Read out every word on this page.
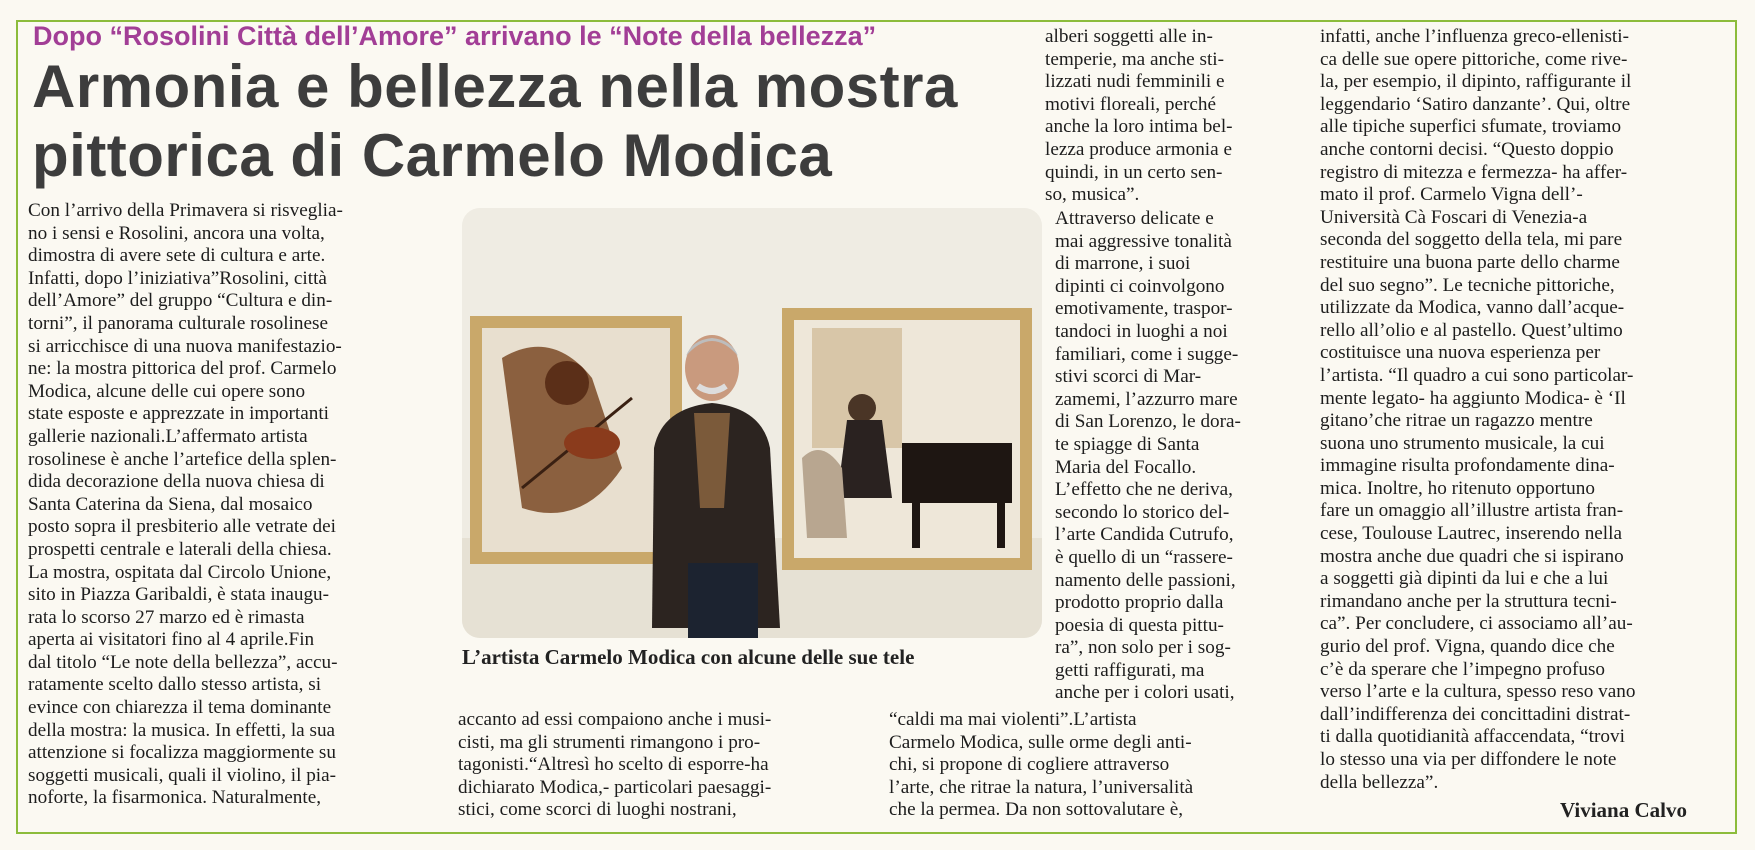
Dopo “Rosolini Città dell’Amore” arrivano le “Note della bellezza”
Armonia e bellezza nella mostra
pittorica di Carmelo Modica
Con l’arrivo della Primavera si risveglia-
no i sensi e Rosolini, ancora una volta,
dimostra di avere sete di cultura e arte.
Infatti, dopo l’iniziativa”Rosolini, città
dell’Amore” del gruppo “Cultura e din-
torni”, il panorama culturale rosolinese
si arricchisce di una nuova manifestazio-
ne: la mostra pittorica del prof. Carmelo
Modica, alcune delle cui opere sono
state esposte e apprezzate in importanti
gallerie nazionali.L’affermato artista
rosolinese è anche l’artefice della splen-
dida decorazione della nuova chiesa di
Santa Caterina da Siena, dal mosaico
posto sopra il presbiterio alle vetrate dei
prospetti centrale e laterali della chiesa.
La mostra, ospitata dal Circolo Unione,
sito in Piazza Garibaldi, è stata inaugu-
rata lo scorso 27 marzo ed è rimasta
aperta ai visitatori fino al 4 aprile.Fin
dal titolo “Le note della bellezza”, accu-
ratamente scelto dallo stesso artista, si
evince con chiarezza il tema dominante
della mostra: la musica. In effetti, la sua
attenzione si focalizza maggiormente su
soggetti musicali, quali il violino, il pia-
noforte, la fisarmonica. Naturalmente,
L’artista Carmelo Modica con alcune delle sue tele
accanto ad essi compaiono anche i musi-
cisti, ma gli strumenti rimangono i pro-
tagonisti.“Altresì ho scelto di esporre-ha
dichiarato Modica,- particolari paesaggi-
stici, come scorci di luoghi nostrani,
“caldi ma mai violenti”.L’artista
Carmelo Modica, sulle orme degli anti-
chi, si propone di cogliere attraverso
l’arte, che ritrae la natura, l’universalità
che la permea. Da non sottovalutare è,
alberi soggetti alle in-
temperie, ma anche sti-
lizzati nudi femminili e
motivi floreali, perché
anche la loro intima bel-
lezza produce armonia e
quindi, in un certo sen-
so, musica”.
Attraverso delicate e
mai aggressive tonalità
di marrone, i suoi
dipinti ci coinvolgono
emotivamente, traspor-
tandoci in luoghi a noi
familiari, come i sugge-
stivi scorci di Mar-
zamemi, l’azzurro mare
di San Lorenzo, le dora-
te spiagge di Santa
Maria del Focallo.
L’effetto che ne deriva,
secondo lo storico del-
l’arte Candida Cutrufo,
è quello di un “rassere-
namento delle passioni,
prodotto proprio dalla
poesia di questa pittu-
ra”, non solo per i sog-
getti raffigurati, ma
anche per i colori usati,
infatti, anche l’influenza greco-ellenisti-
ca delle sue opere pittoriche, come rive-
la, per esempio, il dipinto, raffigurante il
leggendario ‘Satiro danzante’. Qui, oltre
alle tipiche superfici sfumate, troviamo
anche contorni decisi. “Questo doppio
registro di mitezza e fermezza- ha affer-
mato il prof. Carmelo Vigna dell’-
Università Cà Foscari di Venezia-a
seconda del soggetto della tela, mi pare
restituire una buona parte dello charme
del suo segno”. Le tecniche pittoriche,
utilizzate da Modica, vanno dall’acque-
rello all’olio e al pastello. Quest’ultimo
costituisce una nuova esperienza per
l’artista. “Il quadro a cui sono particolar-
mente legato- ha aggiunto Modica- è ‘Il
gitano’che ritrae un ragazzo mentre
suona uno strumento musicale, la cui
immagine risulta profondamente dina-
mica. Inoltre, ho ritenuto opportuno
fare un omaggio all’illustre artista fran-
cese, Toulouse Lautrec, inserendo nella
mostra anche due quadri che si ispirano
a soggetti già dipinti da lui e che a lui
rimandano anche per la struttura tecni-
ca”. Per concludere, ci associamo all’au-
gurio del prof. Vigna, quando dice che
c’è da sperare che l’impegno profuso
verso l’arte e la cultura, spesso reso vano
dall’indifferenza dei concittadini distrat-
ti dalla quotidianità affaccendata, “trovi
lo stesso una via per diffondere le note
della bellezza”.
Viviana Calvo
